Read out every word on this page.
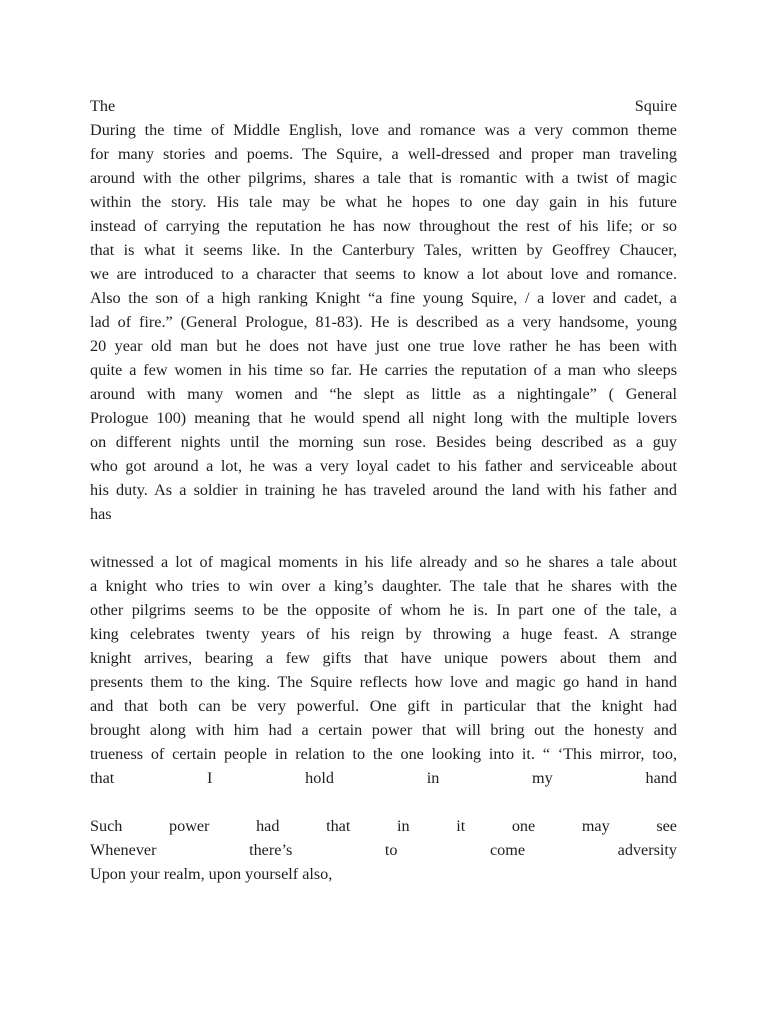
The	Squire
During the time of Middle English, love and romance was a very common theme
for many stories and poems. The Squire, a well-dressed and proper man traveling
around with the other pilgrims, shares a tale that is romantic with a twist of magic
within the story. His tale may be what he hopes to one day gain in his future
instead of carrying the reputation he has now throughout the rest of his life; or so
that is what it seems like. In the Canterbury Tales, written by Geoffrey Chaucer,
we are introduced to a character that seems to know a lot about love and romance.
Also the son of a high ranking Knight “a fine young Squire, / a lover and cadet, a
lad of fire.” (General Prologue, 81-83). He is described as a very handsome, young
20 year old man but he does not have just one true love rather he has been with
quite a few women in his time so far. He carries the reputation of a man who sleeps
around with many women and “he slept as little as a nightingale” ( General
Prologue 100) meaning that he would spend all night long with the multiple lovers
on different nights until the morning sun rose. Besides being described as a guy
who got around a lot, he was a very loyal cadet to his father and serviceable about
his duty. As a soldier in training he has traveled around the land with his father and
has
witnessed a lot of magical moments in his life already and so he shares a tale about
a knight who tries to win over a king’s daughter. The tale that he shares with the
other pilgrims seems to be the opposite of whom he is. In part one of the tale, a
king celebrates twenty years of his reign by throwing a huge feast. A strange
knight arrives, bearing a few gifts that have unique powers about them and
presents them to the king. The Squire reflects how love and magic go hand in hand
and that both can be very powerful. One gift in particular that the knight had
brought along with him had a certain power that will bring out the honesty and
trueness of certain people in relation to the one looking into it. “ ‘This mirror, too,
that	I	hold	in	my	hand
Such	power	had	that	in	it	one	may	see
Whenever	there’s	to	come	adversity
Upon your realm, upon yourself also,
